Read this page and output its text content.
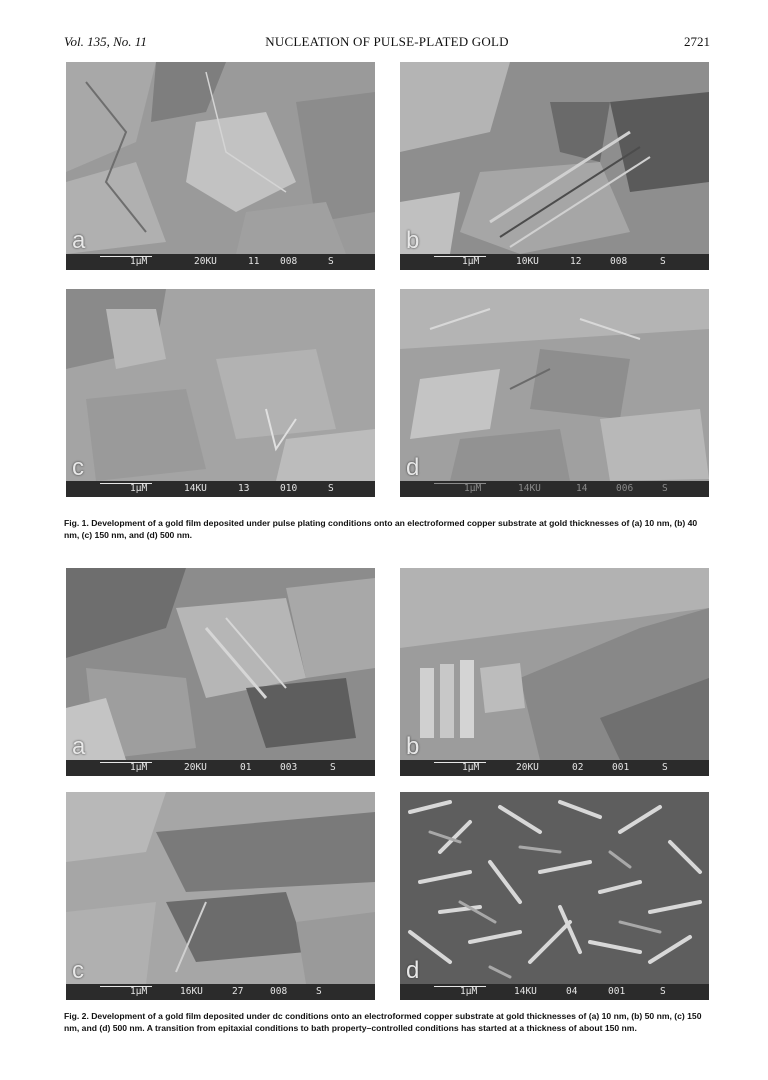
Vol. 135, No. 11	NUCLEATION OF PULSE-PLATED GOLD	2721
a
1μM	20KU	11 008	S
b
1μM	10KU	12	008	S
c
1μM	14KU	13	010	S
d
1μM	14KU	14	006	S
Fig. 1. Development of a gold film deposited under pulse plating conditions onto an electroformed copper substrate at gold thicknesses of (a) 10 nm, (b) 40 nm, (c) 150 nm, and (d) 500 nm.
a
1μM	20KU	01	003	S
b
1μM	20KU	02	001	S
c
1μM	16KU	27	008	S
d
1μM	14KU	04	001	S
Fig. 2. Development of a gold film deposited under dc conditions onto an electroformed copper substrate at gold thicknesses of (a) 10 nm, (b) 50 nm, (c) 150 nm, and (d) 500 nm. A transition from epitaxial conditions to bath property–controlled conditions has started at a thickness of about 150 nm.
